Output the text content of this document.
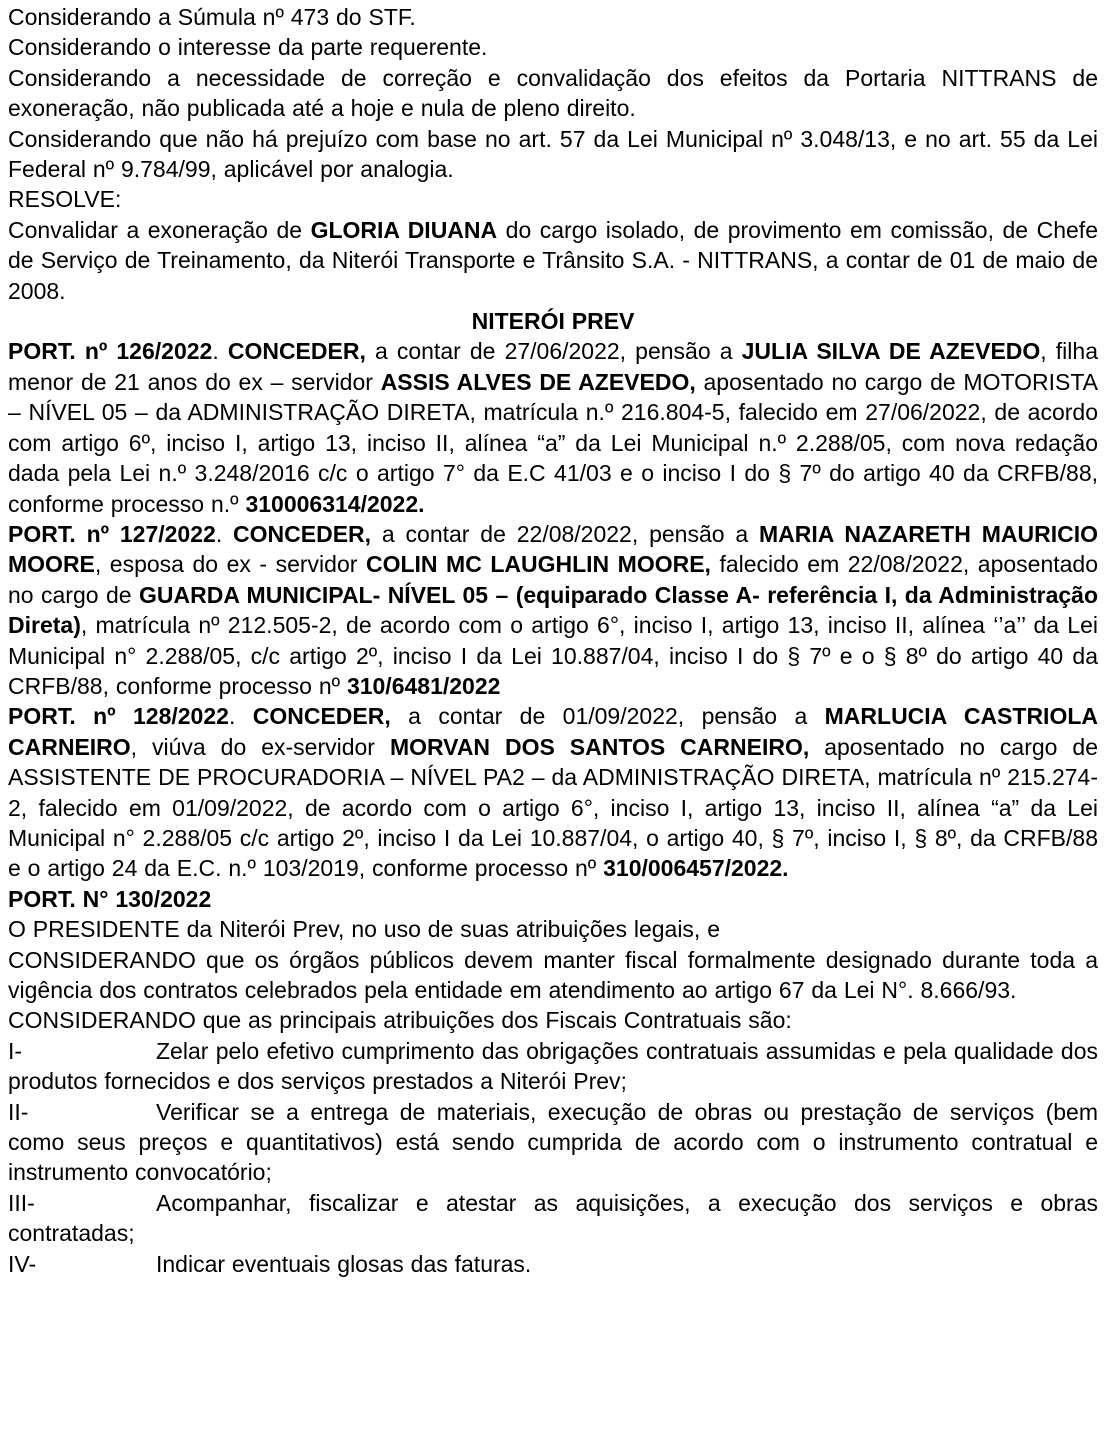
Considerando a Súmula nº 473 do STF.

Considerando o interesse da parte requerente.

Considerando a necessidade de correção e convalidação dos efeitos da Portaria NITTRANS de exoneração, não publicada até a hoje e nula de pleno direito.

Considerando que não há prejuízo com base no art. 57 da Lei Municipal nº 3.048/13, e no art. 55 da Lei Federal nº 9.784/99, aplicável por analogia.

RESOLVE:

Convalidar a exoneração de GLORIA DIUANA do cargo isolado, de provimento em comissão, de Chefe de Serviço de Treinamento, da Niterói Transporte e Trânsito S.A. - NITTRANS, a contar de 01 de maio de 2008.

NITERÓI PREV

PORT. nº 126/2022. CONCEDER, a contar de 27/06/2022, pensão a JULIA SILVA DE AZEVEDO, filha menor de 21 anos do ex – servidor ASSIS ALVES DE AZEVEDO, aposentado no cargo de MOTORISTA – NÍVEL 05 – da ADMINISTRAÇÃO DIRETA, matrícula n.º 216.804-5, falecido em 27/06/2022, de acordo com artigo 6º, inciso I, artigo 13, inciso II, alínea “a” da Lei Municipal n.º 2.288/05, com nova redação dada pela Lei n.º 3.248/2016 c/c o artigo 7° da E.C 41/03 e o inciso I do § 7º do artigo 40 da CRFB/88, conforme processo n.º 310006314/2022.

PORT. nº 127/2022. CONCEDER, a contar de 22/08/2022, pensão a MARIA NAZARETH MAURICIO MOORE, esposa do ex - servidor COLIN MC LAUGHLIN MOORE, falecido em 22/08/2022, aposentado no cargo de GUARDA MUNICIPAL- NÍVEL 05 – (equiparado Classe A- referência I, da Administração Direta), matrícula nº 212.505-2, de acordo com o artigo 6°, inciso I, artigo 13, inciso II, alínea ‘’a’’ da Lei Municipal n° 2.288/05, c/c artigo 2º, inciso I da Lei 10.887/04, inciso I do § 7º e o § 8º do artigo 40 da CRFB/88, conforme processo nº 310/6481/2022

PORT. nº 128/2022. CONCEDER, a contar de 01/09/2022, pensão a MARLUCIA CASTRIOLA CARNEIRO, viúva do ex-servidor MORVAN DOS SANTOS CARNEIRO, aposentado no cargo de ASSISTENTE DE PROCURADORIA – NÍVEL PA2 – da ADMINISTRAÇÃO DIRETA, matrícula nº 215.274-2, falecido em 01/09/2022, de acordo com o artigo 6°, inciso I, artigo 13, inciso II, alínea “a” da Lei Municipal n° 2.288/05 c/c artigo 2º, inciso I da Lei 10.887/04, o artigo 40, § 7º, inciso I, § 8º, da CRFB/88 e o artigo 24 da E.C. n.º 103/2019, conforme processo nº 310/006457/2022.

PORT. N° 130/2022

O PRESIDENTE da Niterói Prev, no uso de suas atribuições legais, e

CONSIDERANDO que os órgãos públicos devem manter fiscal formalmente designado durante toda a vigência dos contratos celebrados pela entidade em atendimento ao artigo 67 da Lei N°. 8.666/93.

CONSIDERANDO que as principais atribuições dos Fiscais Contratuais são:

I-	Zelar pelo efetivo cumprimento das obrigações contratuais assumidas e pela qualidade dos produtos fornecidos e dos serviços prestados a Niterói Prev;

II-	Verificar se a entrega de materiais, execução de obras ou prestação de serviços (bem como seus preços e quantitativos) está sendo cumprida de acordo com o instrumento contratual e instrumento convocatório;

III-	Acompanhar, fiscalizar e atestar as aquisições, a execução dos serviços e obras contratadas;

IV-	Indicar eventuais glosas das faturas.
